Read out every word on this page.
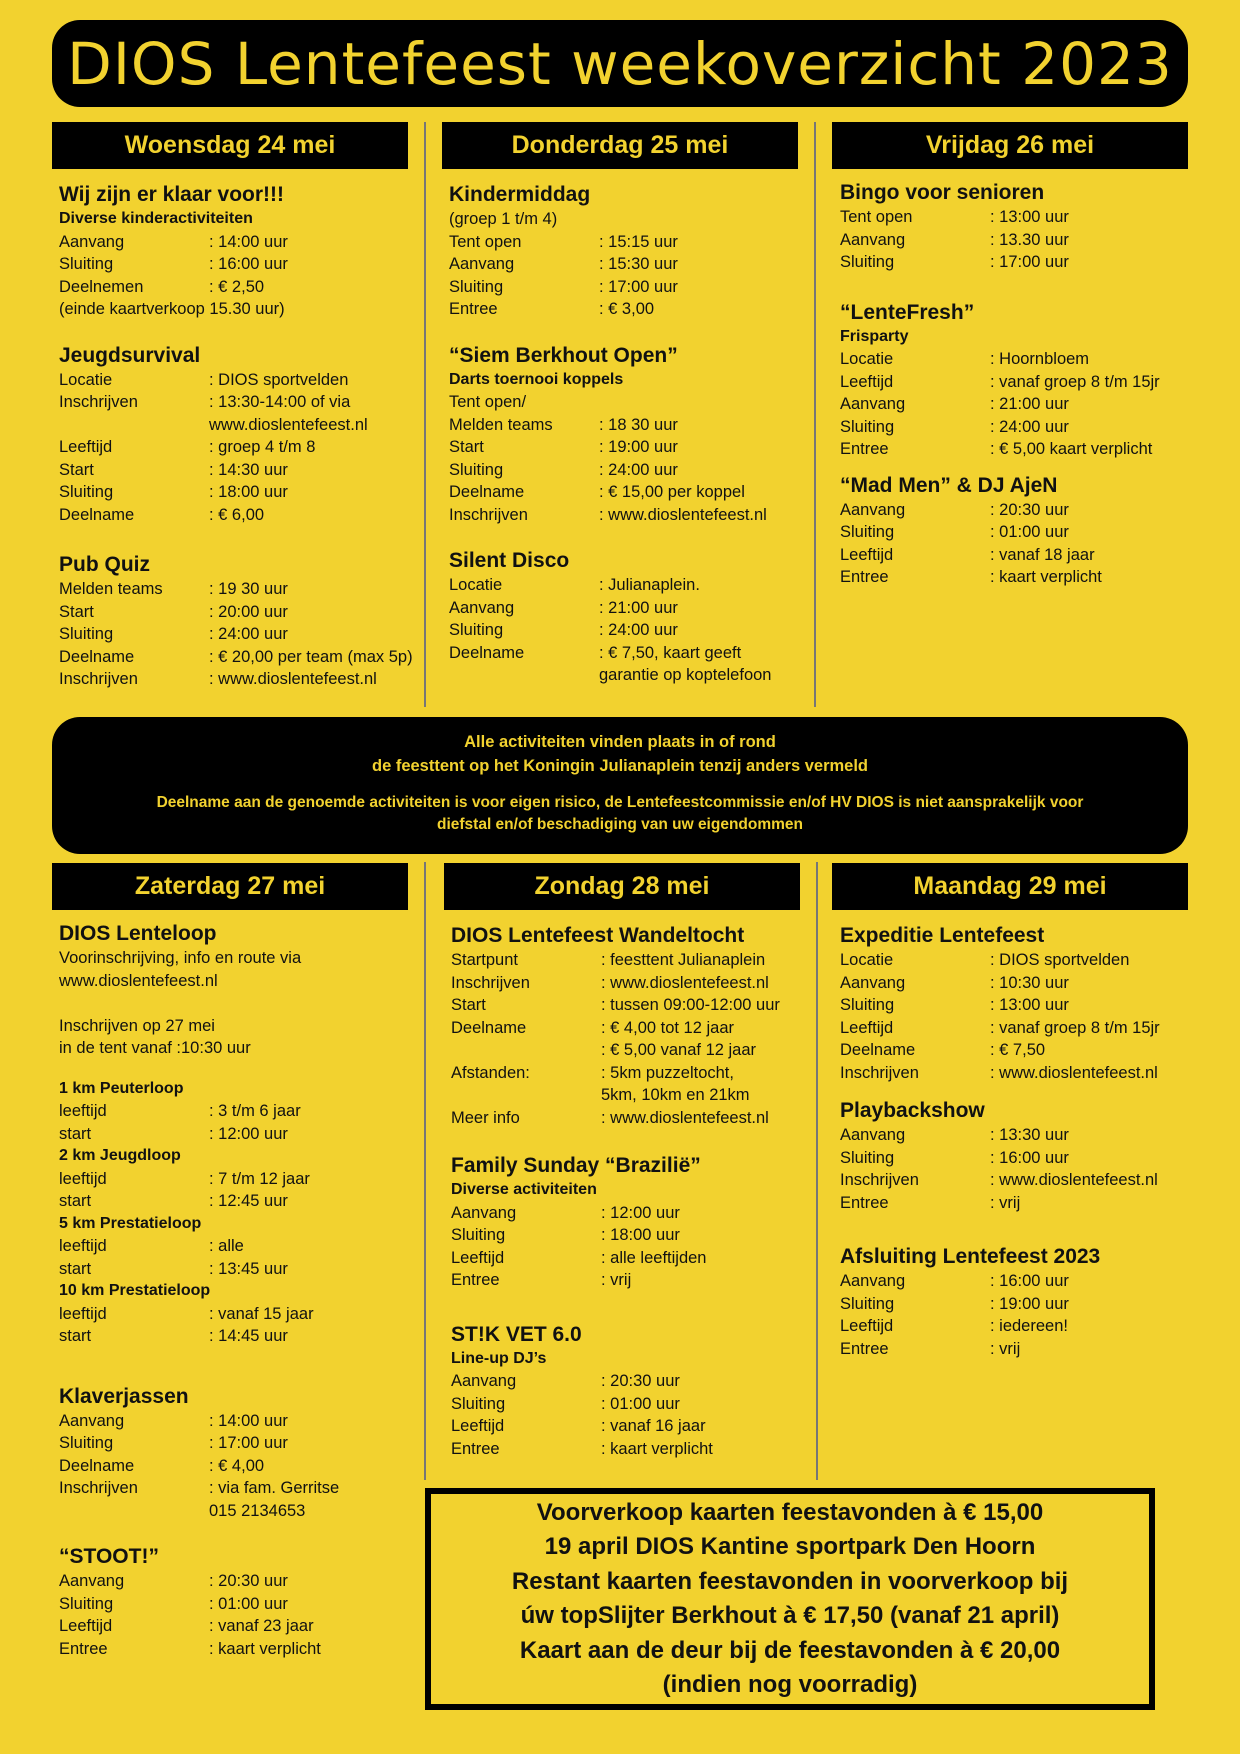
DIOS Lentefeest weekoverzicht 2023
Woensdag 24 mei	Donderdag 25 mei	Vrijdag 26 mei
Zaterdag 27 mei	Zondag 28 mei	Maandag 29 mei
Wij zijn er klaar voor!!!
Diverse kinderactiviteiten
Aanvang	: 14:00 uur
Sluiting	: 16:00 uur
Deelnemen	: € 2,50
(einde kaartverkoop 15.30 uur)
Jeugdsurvival
Locatie	: DIOS sportvelden
Inschrijven	: 13:30-14:00 of via
www.dioslentefeest.nl
Leeftijd	: groep 4 t/m 8
Start	: 14:30 uur
Sluiting	: 18:00 uur
Deelname	: € 6,00
Pub Quiz
Melden teams	: 19 30 uur
Start	: 20:00 uur
Sluiting	: 24:00 uur
Deelname	: € 20,00 per team (max 5p)
Inschrijven	: www.dioslentefeest.nl
Kindermiddag
(groep 1 t/m 4)
Tent open	: 15:15 uur
Aanvang	: 15:30 uur
Sluiting	: 17:00 uur
Entree	: € 3,00
“Siem Berkhout Open”
Darts toernooi koppels
Tent open/
Melden teams	: 18 30 uur
Start	: 19:00 uur
Sluiting	: 24:00 uur
Deelname	: € 15,00 per koppel
Inschrijven	: www.dioslentefeest.nl
Silent Disco
Locatie	: Julianaplein.
Aanvang	: 21:00 uur
Sluiting	: 24:00 uur
Deelname	: € 7,50, kaart geeft
garantie op koptelefoon
Bingo voor senioren
Tent open	: 13:00 uur
Aanvang	: 13.30 uur
Sluiting	: 17:00 uur
“LenteFresh”
Frisparty
Locatie	: Hoornbloem
Leeftijd	: vanaf groep 8 t/m 15jr
Aanvang	: 21:00 uur
Sluiting	: 24:00 uur
Entree	: € 5,00 kaart verplicht
“Mad Men” & DJ AjeN
Aanvang	: 20:30 uur
Sluiting	: 01:00 uur
Leeftijd	: vanaf 18 jaar
Entree	: kaart verplicht
DIOS Lenteloop
Voorinschrijving, info en route via
www.dioslentefeest.nl
Inschrijven op 27 mei
in de tent vanaf :10:30 uur
1 km Peuterloop
leeftijd	: 3 t/m 6 jaar
start	: 12:00 uur
2 km Jeugdloop
leeftijd	: 7 t/m 12 jaar
start	: 12:45 uur
5 km Prestatieloop
leeftijd	: alle
start	: 13:45 uur
10 km Prestatieloop
leeftijd	: vanaf 15 jaar
start	: 14:45 uur
Klaverjassen
Aanvang	: 14:00 uur
Sluiting	: 17:00 uur
Deelname	: € 4,00
Inschrijven	: via fam. Gerritse
015 2134653
“STOOT!”
Aanvang	: 20:30 uur
Sluiting	: 01:00 uur
Leeftijd	: vanaf 23 jaar
Entree	: kaart verplicht
DIOS Lentefeest Wandeltocht
Startpunt	: feesttent Julianaplein
Inschrijven	: www.dioslentefeest.nl
Start	: tussen 09:00-12:00 uur
Deelname	: € 4,00 tot 12 jaar
: € 5,00 vanaf 12 jaar
Afstanden:	: 5km puzzeltocht,
5km, 10km en 21km
Meer info	: www.dioslentefeest.nl
Family Sunday “Brazilië”
Diverse activiteiten
Aanvang	: 12:00 uur
Sluiting	: 18:00 uur
Leeftijd	: alle leeftijden
Entree	: vrij
ST!K VET 6.0
Line-up DJ’s
Aanvang	: 20:30 uur
Sluiting	: 01:00 uur
Leeftijd	: vanaf 16 jaar
Entree	: kaart verplicht
Expeditie Lentefeest
Locatie	: DIOS sportvelden
Aanvang	: 10:30 uur
Sluiting	: 13:00 uur
Leeftijd	: vanaf groep 8 t/m 15jr
Deelname	: € 7,50
Inschrijven	: www.dioslentefeest.nl
Playbackshow
Aanvang	: 13:30 uur
Sluiting	: 16:00 uur
Inschrijven	: www.dioslentefeest.nl
Entree	: vrij
Afsluiting Lentefeest 2023
Aanvang	: 16:00 uur
Sluiting	: 19:00 uur
Leeftijd	: iedereen!
Entree	: vrij

Alle activiteiten vinden plaats in of rond

de feesttent op het Koningin Julianaplein tenzij anders vermeld

Deelname aan de genoemde activiteiten is voor eigen risico, de Lentefeestcommissie en/of HV DIOS is niet aansprakelijk voor

diefstal en/of beschadiging van uw eigendommen

Voorverkoop kaarten feestavonden à € 15,00
19 april DIOS Kantine sportpark Den Hoorn
Restant kaarten feestavonden in voorverkoop bij
úw topSlijter Berkhout à € 17,50 (vanaf 21 april)
Kaart aan de deur bij de feestavonden à € 20,00
(indien nog voorradig)
